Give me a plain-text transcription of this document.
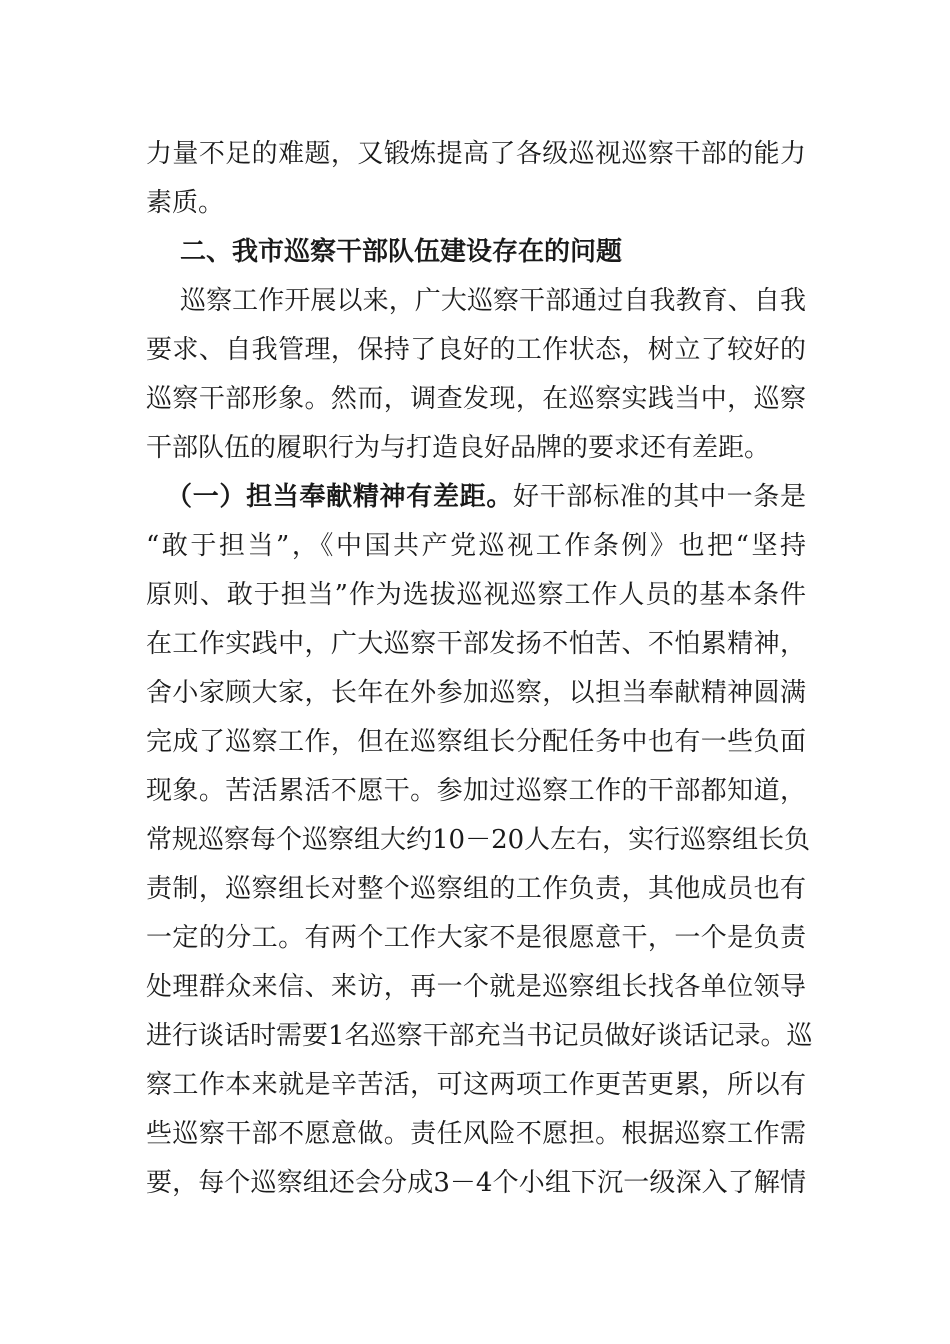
力量不足的难题，又锻炼提高了各级巡视巡察干部的能力
素质。
二、我市巡察干部队伍建设存在的问题
巡察工作开展以来，广大巡察干部通过自我教育、自我
要求、自我管理，保持了良好的工作状态，树立了较好的
巡察干部形象。然而，调查发现，在巡察实践当中，巡察
干部队伍的履职行为与打造良好品牌的要求还有差距。
（一）担当奉献精神有差距。好干部标准的其中一条是
“敢于担当”，《中国共产党巡视工作条例》也把“坚持
原则、敢于担当”作为选拔巡视巡察工作人员的基本条件
在工作实践中，广大巡察干部发扬不怕苦、不怕累精神，
舍小家顾大家，长年在外参加巡察，以担当奉献精神圆满
完成了巡察工作，但在巡察组长分配任务中也有一些负面
现象。苦活累活不愿干。参加过巡察工作的干部都知道，
常规巡察每个巡察组大约10－20人左右，实行巡察组长负
责制，巡察组长对整个巡察组的工作负责，其他成员也有
一定的分工。有两个工作大家不是很愿意干，一个是负责
处理群众来信、来访，再一个就是巡察组长找各单位领导
进行谈话时需要1名巡察干部充当书记员做好谈话记录。巡
察工作本来就是辛苦活，可这两项工作更苦更累，所以有
些巡察干部不愿意做。责任风险不愿担。根据巡察工作需
要，每个巡察组还会分成3－4个小组下沉一级深入了解情
